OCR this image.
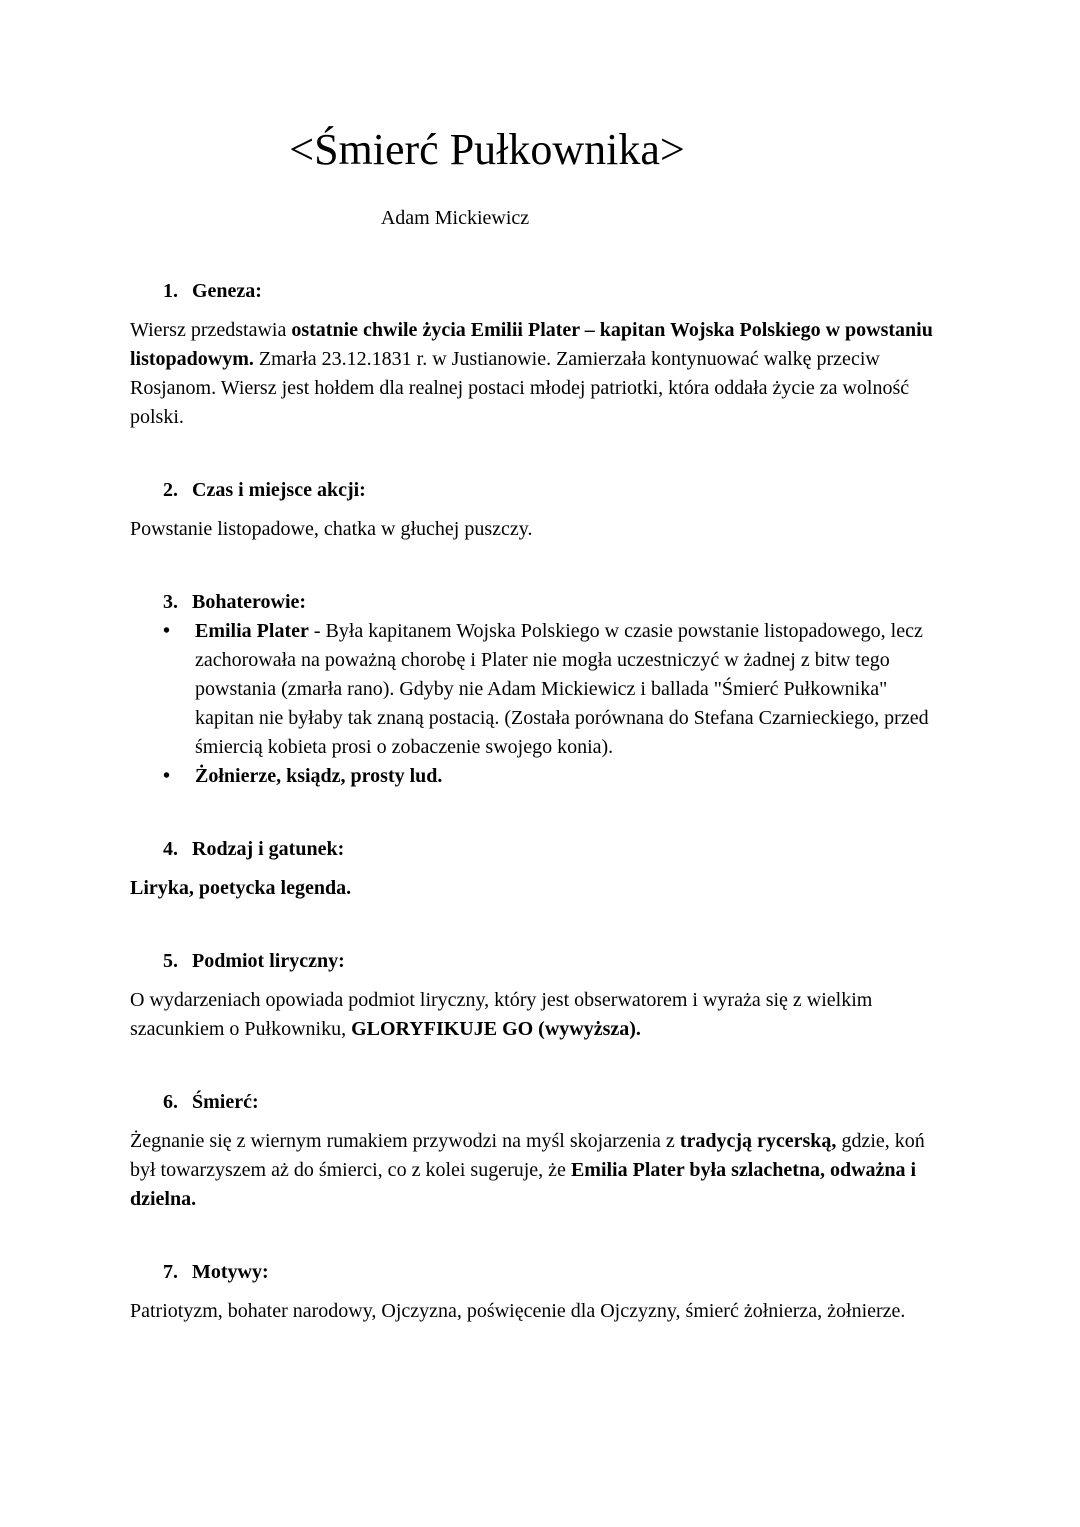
<Śmierć Pułkownika>
Adam Mickiewicz
1. Geneza:

Wiersz przedstawia ostatnie chwile życia Emilii Plater – kapitan Wojska Polskiego w powstaniu listopadowym. Zmarła 23.12.1831 r. w Justianowie. Zamierzała kontynuować walkę przeciw Rosjanom. Wiersz jest hołdem dla realnej postaci młodej patriotki, która oddała życie za wolność polski.

2. Czas i miejsce akcji:

Powstanie listopadowe, chatka w głuchej puszczy.

3. Bohaterowie:
• Emilia Plater - Była kapitanem Wojska Polskiego w czasie powstanie listopadowego, lecz zachorowała na poważną chorobę i Plater nie mogła uczestniczyć w żadnej z bitw tego powstania (zmarła rano). Gdyby nie Adam Mickiewicz i ballada "Śmierć Pułkownika" kapitan nie byłaby tak znaną postacią. (Została porównana do Stefana Czarnieckiego, przed śmiercią kobieta prosi o zobaczenie swojego konia).
• Żołnierze, ksiądz, prosty lud.
4. Rodzaj i gatunek:

Liryka, poetycka legenda.

5. Podmiot liryczny:

O wydarzeniach opowiada podmiot liryczny, który jest obserwatorem i wyraża się z wielkim szacunkiem o Pułkowniku, GLORYFIKUJE GO (wywyższa).

6. Śmierć:

Żegnanie się z wiernym rumakiem przywodzi na myśl skojarzenia z tradycją rycerską, gdzie, koń był towarzyszem aż do śmierci, co z kolei sugeruje, że Emilia Plater była szlachetna, odważna i dzielna.

7. Motywy:

Patriotyzm, bohater narodowy, Ojczyzna, poświęcenie dla Ojczyzny, śmierć żołnierza, żołnierze.
